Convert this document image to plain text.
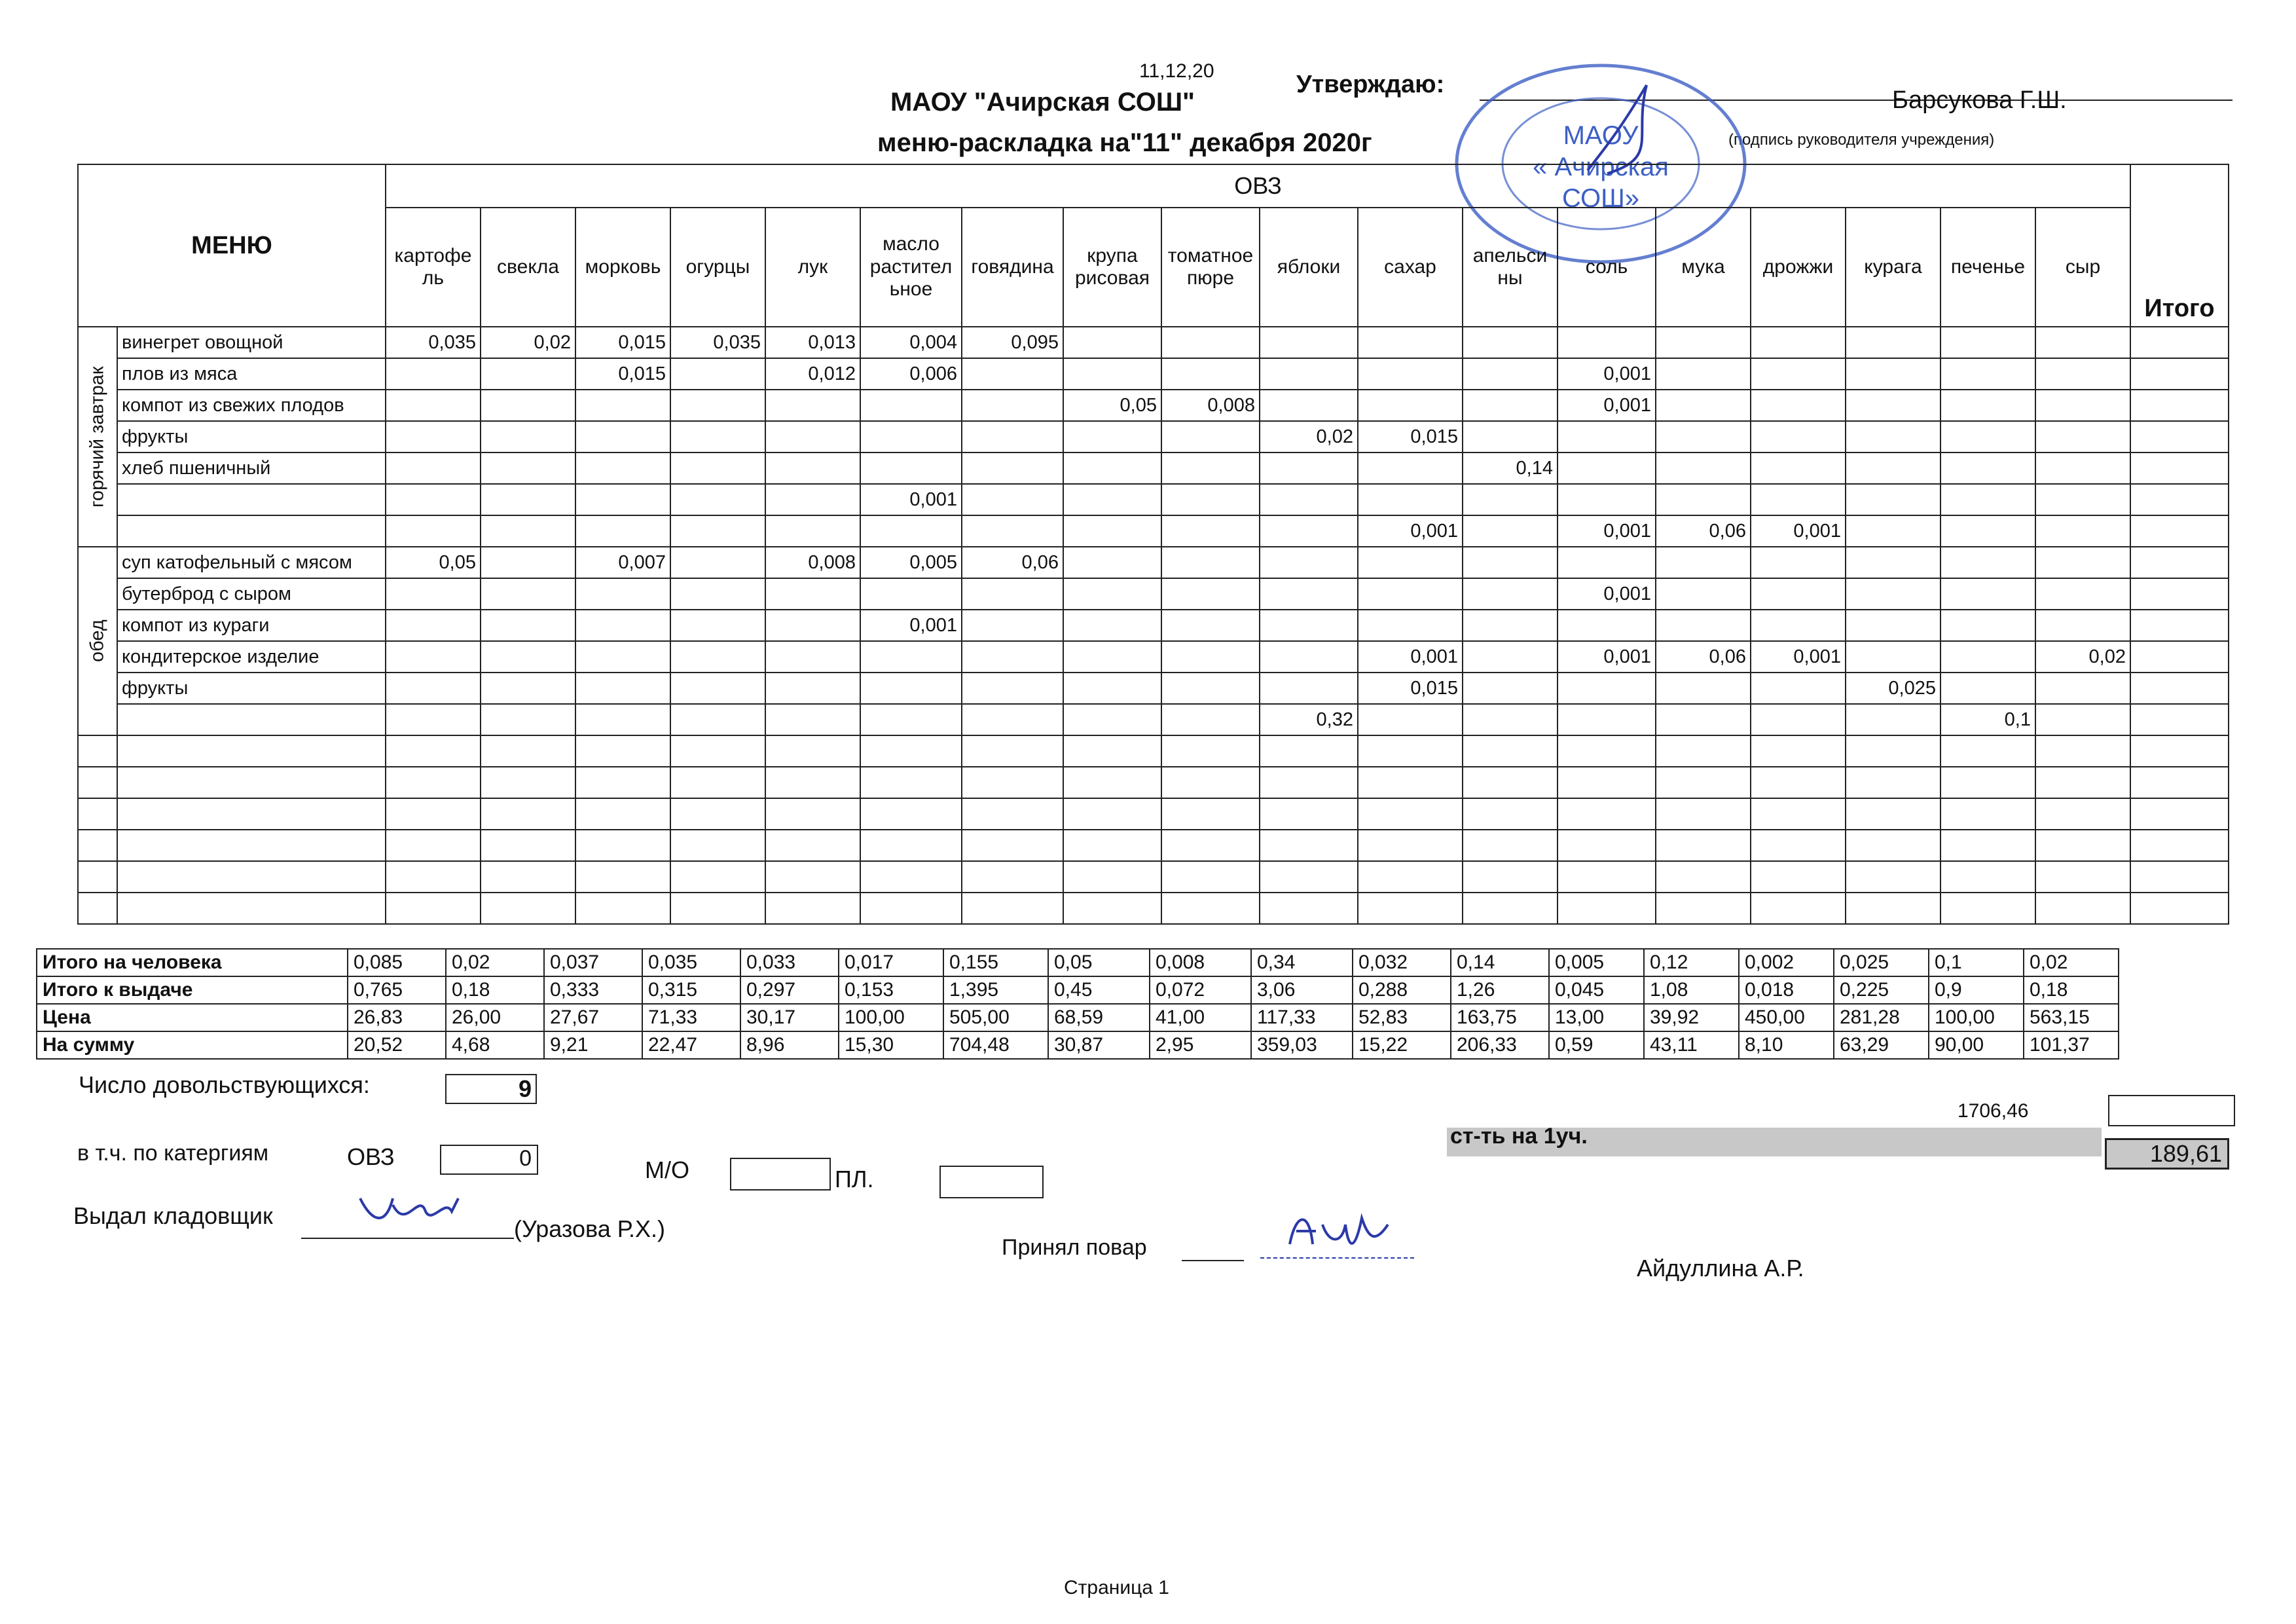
11,12,20	Утверждаю:
Барсукова Г.Ш.
(подпись руководителя учреждения)
МАОУ "Ачирская СОШ"
меню-раскладка на"11" декабря 2020г	МАОУ
« Ачирская
СОШ»
МЕНЮ		ОВЗ																		Итого
		картофе ль	свекла	морковь	огурцы	лук	масло растител ьное	говядина	крупа рисовая	томатное пюре	яблоки	сахар	апельси ны	соль	мука	дрожжи	курага	печенье	сыр	
горячий завтрак	винегрет овощной	0,035	0,02	0,015	0,035	0,013	0,004	0,095												
	плов из мяса			0,015		0,012	0,006							0,001						
	компот из свежих плодов								0,05	0,008				0,001						
	фрукты										0,02	0,015								
	хлеб пшеничный												0,14							
							0,001													
												0,001		0,001	0,06	0,001				
обед	суп катофельный с мясом	0,05		0,007		0,008	0,005	0,06												
	бутерброд с сыром													0,001						
	компот из кураги						0,001													
	кондитерское изделие											0,001		0,001	0,06	0,001			0,02	
	фрукты											0,015					0,025			
											0,32							0,1		

Итого на человека	0,085	0,02	0,037	0,035	0,033	0,017	0,155	0,05	0,008	0,34	0,032	0,14	0,005	0,12	0,002	0,025	0,1	0,02
Итого к выдаче	0,765	0,18	0,333	0,315	0,297	0,153	1,395	0,45	0,072	3,06	0,288	1,26	0,045	1,08	0,018	0,225	0,9	0,18
Цена	26,83	26,00	27,67	71,33	30,17	100,00	505,00	68,59	41,00	117,33	52,83	163,75	13,00	39,92	450,00	281,28	100,00	563,15
На сумму	20,52	4,68	9,21	22,47	8,96	15,30	704,48	30,87	2,95	359,03	15,22	206,33	0,59	43,11	8,10	63,29	90,00	101,37
1706,46
Число довольствующихся:	9
ст-ть на 1уч.
189,61
в т.ч. по катергиям	ОВЗ	0	М/О	ПЛ.
Выдал кладовщик	(Уразова Р.Х.)
Принял повар
Айдуллина А.Р.
Страница 1
